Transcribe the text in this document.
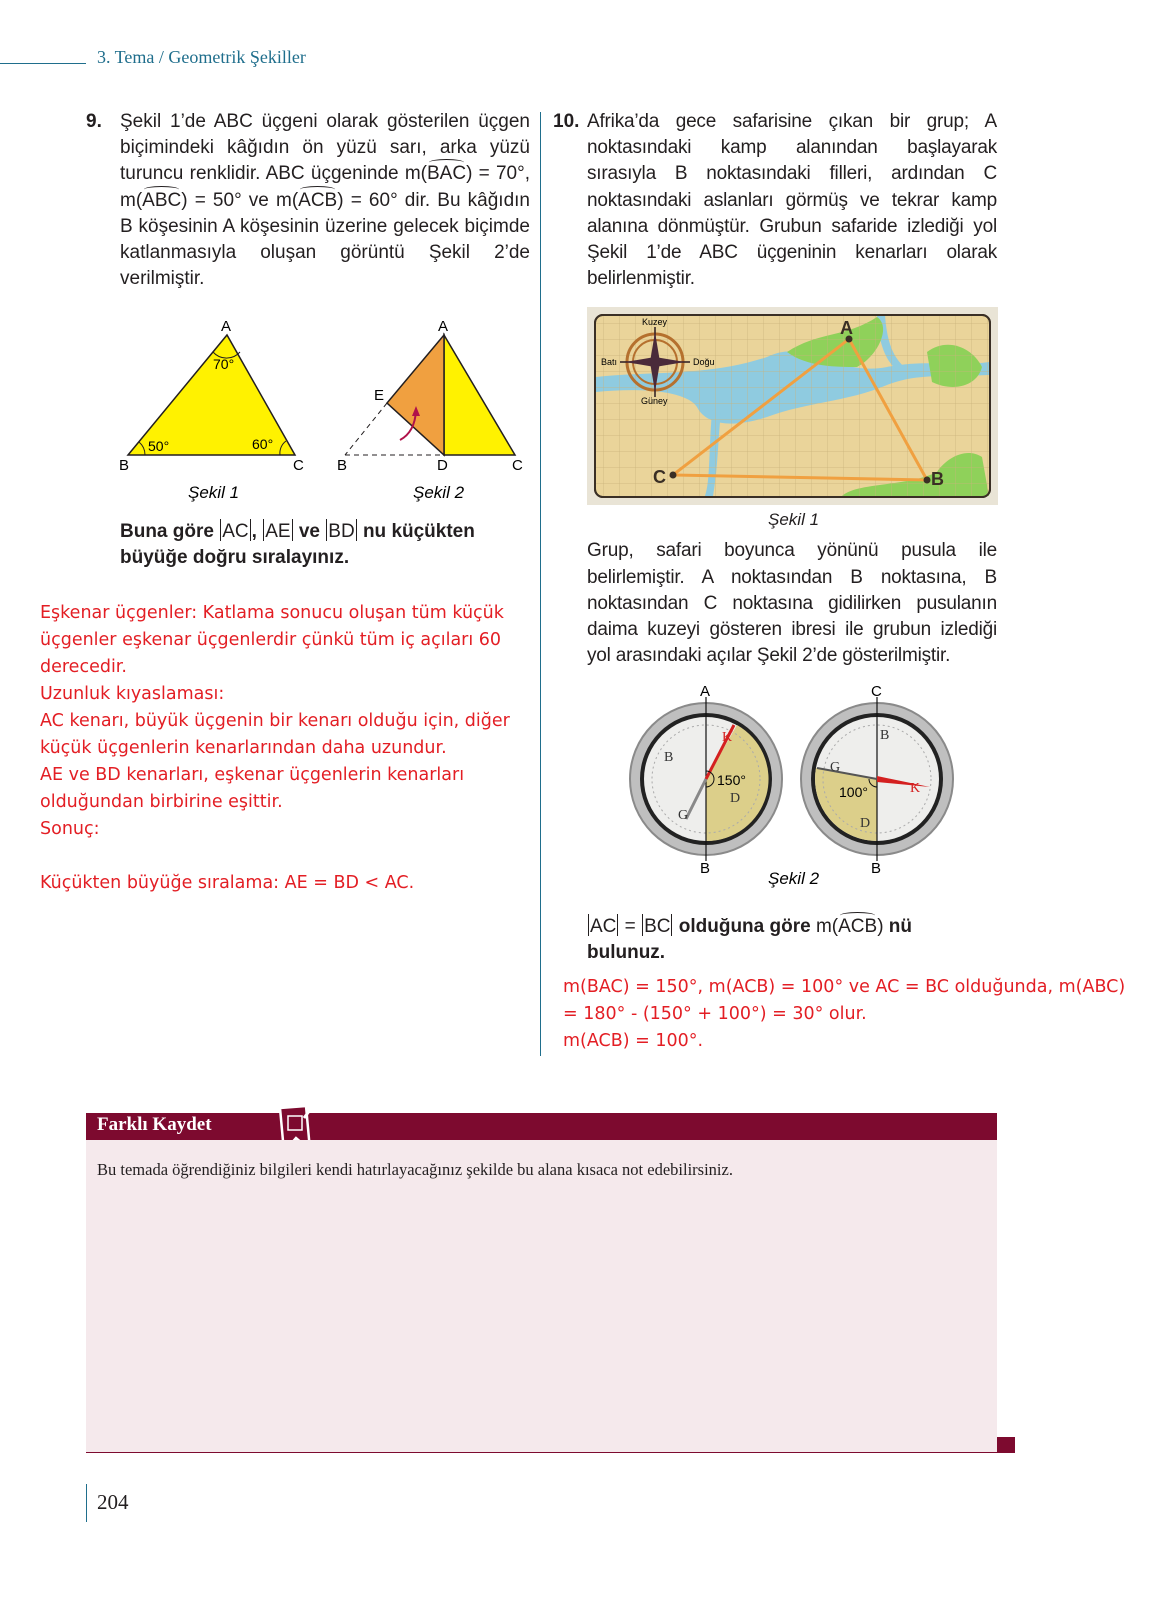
3. Tema / Geometrik Şekiller
9. Şekil 1’de ABC üçgeni olarak gösterilen üçgen biçimindeki kâğıdın ön yüzü sarı, arka yüzü turuncu renklidir. ABC üçgeninde m(BAC) = 70°, m(ABC) = 50° ve m(ACB) = 60° dir. Bu kâğıdın B köşesinin A köşesinin üzerine gelecek biçimde katlanmasıyla oluşan görüntü Şekil 2’de verilmiştir.
A
B	C
70°
50°	60°
Şekil 1
A
E
B	D	C
Şekil 2
Buna göre AC , AE ve BD nu küçükten büyüğe doğru sıralayınız.
Eşkenar üçgenler: Katlama sonucu oluşan tüm küçük üçgenler eşkenar üçgenlerdir çünkü tüm iç açıları 60 derecedir.
Uzunluk kıyaslaması:
AC kenarı, büyük üçgenin bir kenarı olduğu için, diğer küçük üçgenlerin kenarlarından daha uzundur.
AE ve BD kenarları, eşkenar üçgenlerin kenarları olduğundan birbirine eşittir.
Sonuç:
Küçükten büyüğe sıralama: AE = BD < AC.
10. Afrika’da gece safarisine çıkan bir grup; A noktasındaki kamp alanından başlayarak sırasıyla B noktasındaki filleri, ardından C noktasındaki aslanları görmüş ve tekrar kamp alanına dönmüştür. Grubun safaride izlediği yol Şekil 1’de ABC üçgeninin kenarları olarak belirlenmiştir.
Kuzey
Güney
Batı	Doğu
A
B
C
Şekil 1
Grup, safari boyunca yönünü pusula ile belirlemiştir. A noktasından B noktasına, B noktasından C noktasına gidilirken pusulanın daima kuzeyi gösteren ibresi ile grubun izlediği yol arasındaki açılar Şekil 2’de gösterilmiştir.
A
B
150°
B
K
D
G
C
B
100°
B
G
K
D
Şekil 2
AC = BC olduğuna göre m(ACB) nü bulunuz.
m(BAC) = 150°, m(ACB) = 100° ve AC = BC olduğunda, m(ABC)
= 180° - (150° + 100°) = 30° olur.
m(ACB) = 100°.
Farklı Kaydet
Bu temada öğrendiğiniz bilgileri kendi hatırlayacağınız şekilde bu alana kısaca not edebilirsiniz.
204
